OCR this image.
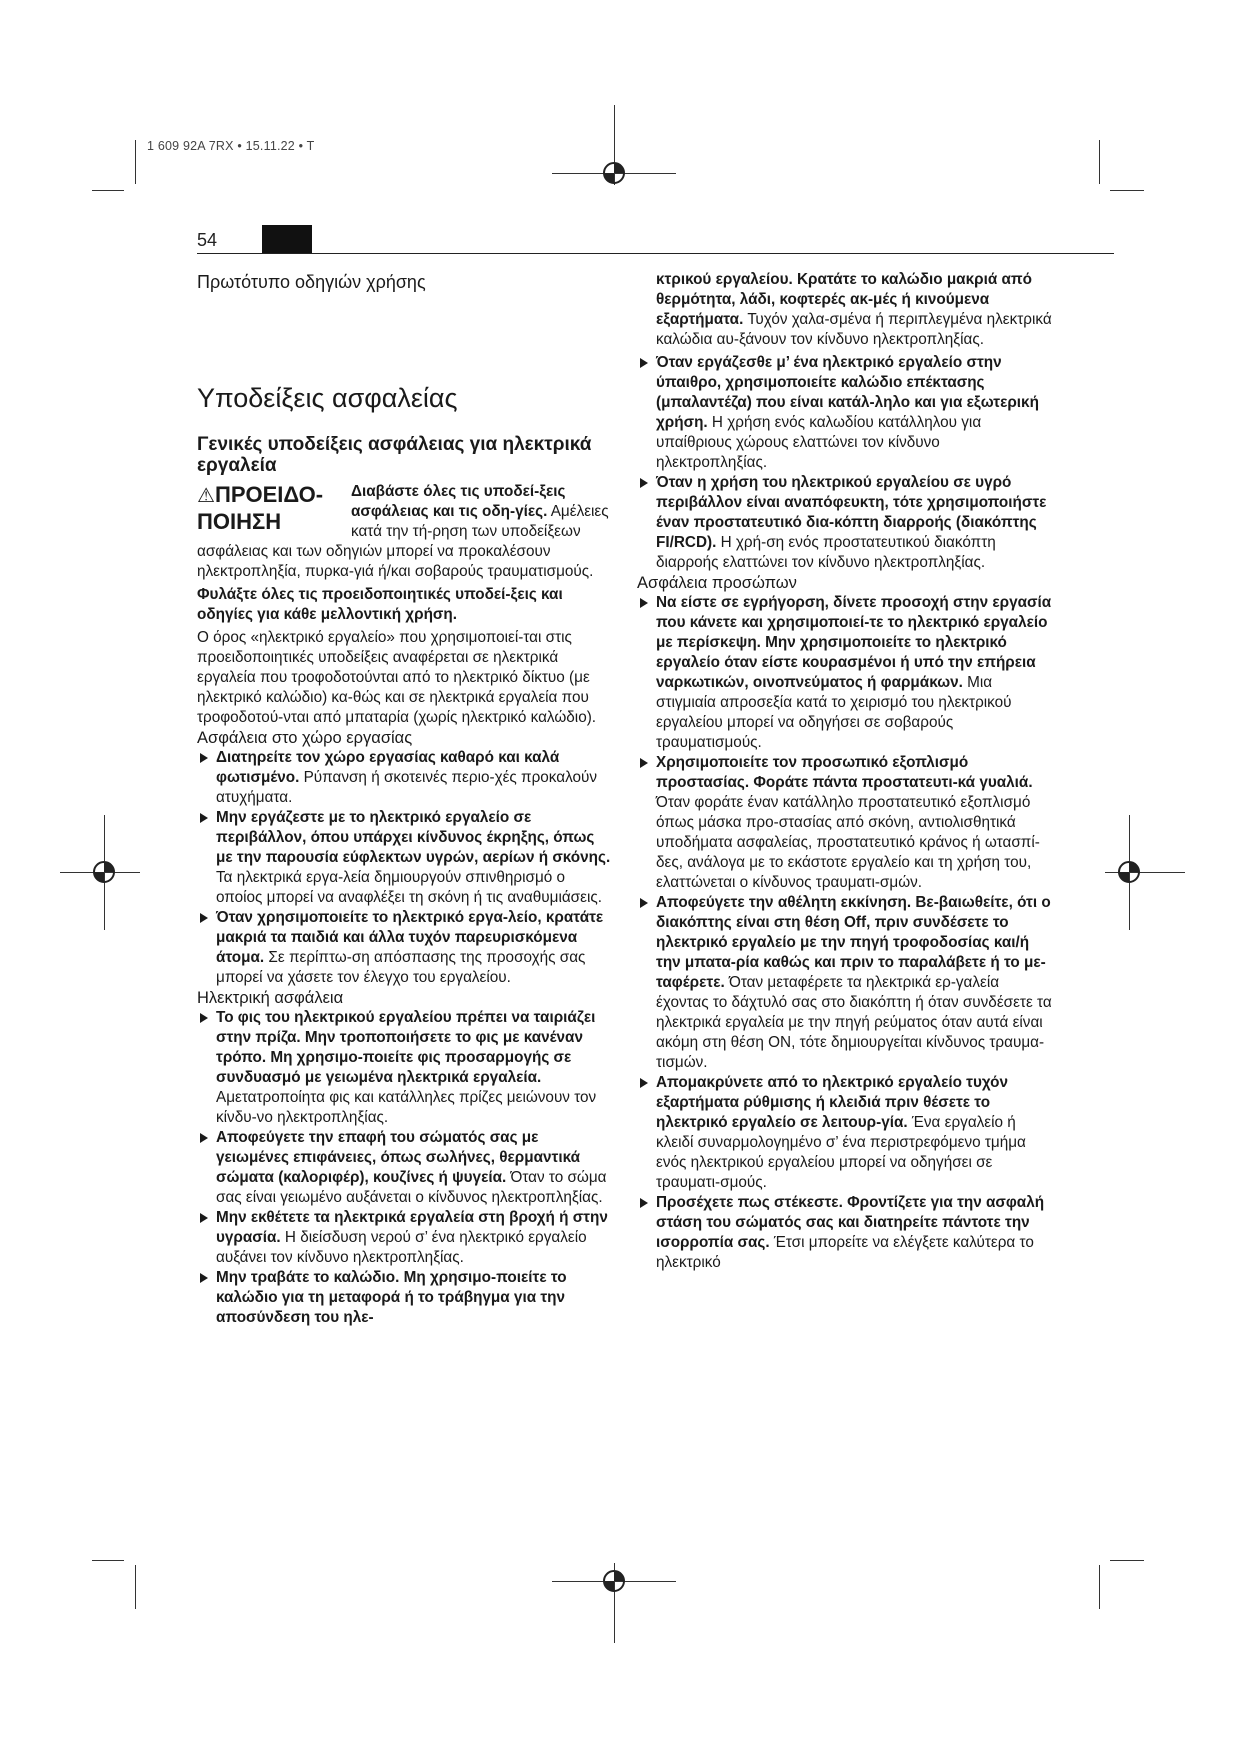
1 609 92A 7RX • 15.11.22 • T
54

Πρωτότυπο οδηγιών χρήσης

Υποδείξεις ασφαλείας
Γενικές υποδείξεις ασφάλειας για ηλεκτρικά εργαλεία
⚠ΠΡΟΕΙΔΟ-ΠΟΙΗΣΗ

Διαβάστε όλες τις υποδεί-ξεις ασφάλειας και τις οδη-γίες. Αμέλειες κατά την τή-ρηση των υποδείξεων ασφάλειας και των οδηγιών μπορεί να προκαλέσουν ηλεκτροπληξία, πυρκα-γιά ή/και σοβαρούς τραυματισμούς.

Φυλάξτε όλες τις προειδοποιητικές υποδεί-ξεις και οδηγίες για κάθε μελλοντική χρήση.

Ο όρος «ηλεκτρικό εργαλείο» που χρησιμοποιεί-ται στις προειδοποιητικές υποδείξεις αναφέρεται σε ηλεκτρικά εργαλεία που τροφοδοτούνται από το ηλεκτρικό δίκτυο (με ηλεκτρικό καλώδιο) κα-θώς και σε ηλεκτρικά εργαλεία που τροφοδοτού-νται από μπαταρία (χωρίς ηλεκτρικό καλώδιο).

Ασφάλεια στο χώρο εργασίας

Διατηρείτε τον χώρο εργασίας καθαρό και καλά φωτισμένο. Ρύπανση ή σκοτεινές περιο-χές προκαλούν ατυχήματα.

Μην εργάζεστε με το ηλεκτρικό εργαλείο σε περιβάλλον, όπου υπάρχει κίνδυνος έκρηξης, όπως με την παρουσία εύφλεκτων υγρών, αερίων ή σκόνης. Τα ηλεκτρικά εργα-λεία δημιουργούν σπινθηρισμό ο οποίος μπορεί να αναφλέξει τη σκόνη ή τις αναθυμιάσεις.

Όταν χρησιμοποιείτε το ηλεκτρικό εργα-λείο, κρατάτε μακριά τα παιδιά και άλλα τυχόν παρευρισκόμενα άτομα. Σε περίπτω-ση απόσπασης της προσοχής σας μπορεί να χάσετε τον έλεγχο του εργαλείου.

Ηλεκτρική ασφάλεια

Το φις του ηλεκτρικού εργαλείου πρέπει να ταιριάζει στην πρίζα. Μην τροποποιήσετε το φις με κανέναν τρόπο. Μη χρησιμο-ποιείτε φις προσαρμογής σε συνδυασμό με γειωμένα ηλεκτρικά εργαλεία. Αμετατροποίητα φις και κατάλληλες πρίζες μειώνουν τον κίνδυ-νο ηλεκτροπληξίας.

Αποφεύγετε την επαφή του σώματός σας με γειωμένες επιφάνειες, όπως σωλήνες, θερμαντικά σώματα (καλοριφέρ), κουζίνες ή ψυγεία. Όταν το σώμα σας είναι γειωμένο αυξάνεται ο κίνδυνος ηλεκτροπληξίας.

Μην εκθέτετε τα ηλεκτρικά εργαλεία στη βροχή ή στην υγρασία. Η διείσδυση νερού σ’ ένα ηλεκτρικό εργαλείο αυξάνει τον κίνδυνο ηλεκτροπληξίας.

Μην τραβάτε το καλώδιο. Μη χρησιμο-ποιείτε το καλώδιο για τη μεταφορά ή το τράβηγμα για την αποσύνδεση του ηλε-

κτρικού εργαλείου. Κρατάτε το καλώδιο μακριά από θερμότητα, λάδι, κοφτερές ακ-μές ή κινούμενα εξαρτήματα. Τυχόν χαλα-σμένα ή περιπλεγμένα ηλεκτρικά καλώδια αυ-ξάνουν τον κίνδυνο ηλεκτροπληξίας.

Όταν εργάζεσθε μ’ ένα ηλεκτρικό εργαλείο στην ύπαιθρο, χρησιμοποιείτε καλώδιο επέκτασης (μπαλαντέζα) που είναι κατάλ-ληλο και για εξωτερική χρήση. Η χρήση ενός καλωδίου κατάλληλου για υπαίθριους χώρους ελαττώνει τον κίνδυνο ηλεκτροπληξίας.

Όταν η χρήση του ηλεκτρικού εργαλείου σε υγρό περιβάλλον είναι αναπόφευκτη, τότε χρησιμοποιήστε έναν προστατευτικό δια-κόπτη διαρροής (διακόπτης FI/RCD). Η χρή-ση ενός προστατευτικού διακόπτη διαρροής ελαττώνει τον κίνδυνο ηλεκτροπληξίας.

Ασφάλεια προσώπων

Να είστε σε εγρήγορση, δίνετε προσοχή στην εργασία που κάνετε και χρησιμοποιεί-τε το ηλεκτρικό εργαλείο με περίσκεψη. Μην χρησιμοποιείτε το ηλεκτρικό εργαλείο όταν είστε κουρασμένοι ή υπό την επήρεια ναρκωτικών, οινοπνεύματος ή φαρμάκων. Μια στιγμιαία απροσεξία κατά το χειρισμό του ηλεκτρικού εργαλείου μπορεί να οδηγήσει σε σοβαρούς τραυματισμούς.

Χρησιμοποιείτε τον προσωπικό εξοπλισμό προστασίας. Φοράτε πάντα προστατευτι-κά γυαλιά. Όταν φοράτε έναν κατάλληλο προστατευτικό εξοπλισμό όπως μάσκα προ-στασίας από σκόνη, αντιολισθητικά υποδήματα ασφαλείας, προστατευτικό κράνος ή ωτασπί-δες, ανάλογα με το εκάστοτε εργαλείο και τη χρήση του, ελαττώνεται ο κίνδυνος τραυματι-σμών.

Αποφεύγετε την αθέλητη εκκίνηση. Βε-βαιωθείτε, ότι ο διακόπτης είναι στη θέση Off, πριν συνδέσετε το ηλεκτρικό εργαλείο με την πηγή τροφοδοσίας και/ή την μπατα-ρία καθώς και πριν το παραλάβετε ή το με-ταφέρετε. Όταν μεταφέρετε τα ηλεκτρικά ερ-γαλεία έχοντας το δάχτυλό σας στο διακόπτη ή όταν συνδέσετε τα ηλεκτρικά εργαλεία με την πηγή ρεύματος όταν αυτά είναι ακόμη στη θέση ON, τότε δημιουργείται κίνδυνος τραυμα-τισμών.

Απομακρύνετε από το ηλεκτρικό εργαλείο τυχόν εξαρτήματα ρύθμισης ή κλειδιά πριν θέσετε το ηλεκτρικό εργαλείο σε λειτουρ-γία. Ένα εργαλείο ή κλειδί συναρμολογημένο σ’ ένα περιστρεφόμενο τμήμα ενός ηλεκτρικού εργαλείου μπορεί να οδηγήσει σε τραυματι-σμούς.

Προσέχετε πως στέκεστε. Φροντίζετε για την ασφαλή στάση του σώματός σας και διατηρείτε πάντοτε την ισορροπία σας. Έτσι μπορείτε να ελέγξετε καλύτερα το ηλεκτρικό
